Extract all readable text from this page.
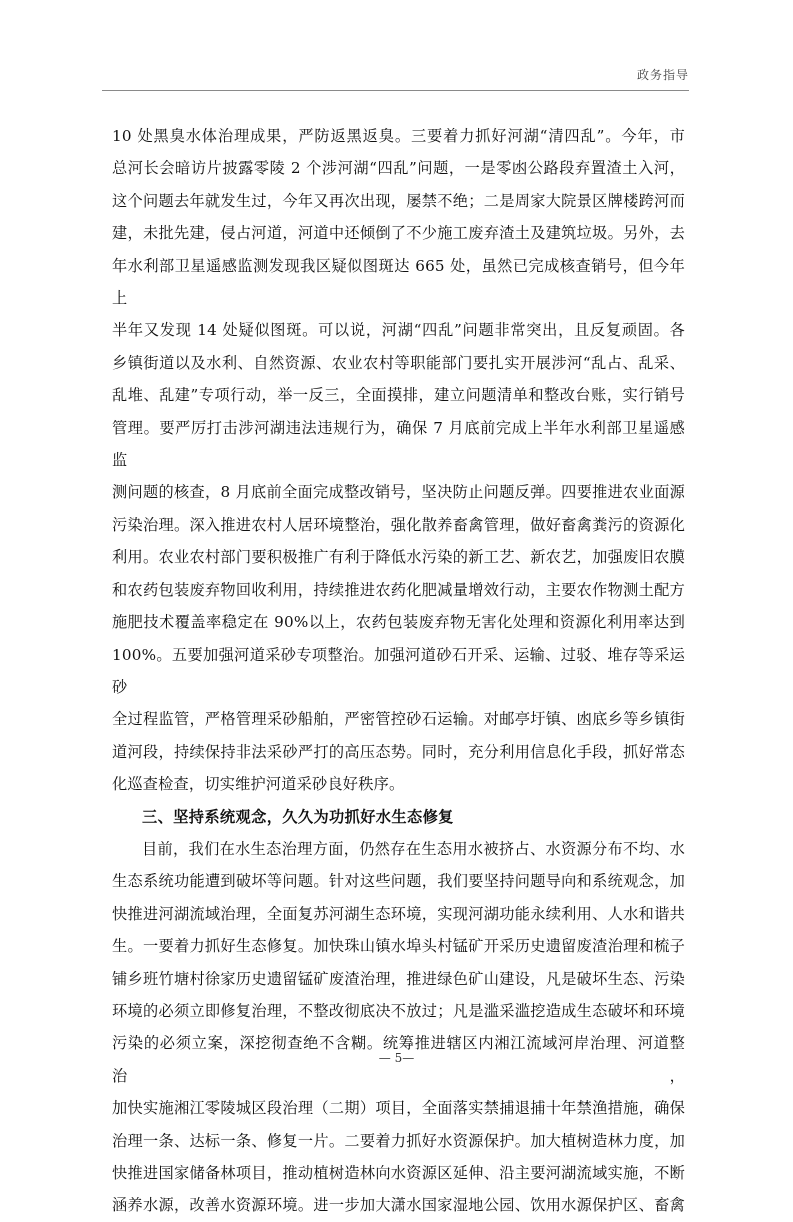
政务指导

10 处黑臭水体治理成果，严防返黑返臭。三要着力抓好河湖“清四乱”。今年，市

总河长会暗访片披露零陵 2 个涉河湖“四乱”问题，一是零凼公路段弃置渣土入河，

这个问题去年就发生过，今年又再次出现，屡禁不绝；二是周家大院景区牌楼跨河而

建，未批先建，侵占河道，河道中还倾倒了不少施工废弃渣土及建筑垃圾。另外，去

年水利部卫星遥感监测发现我区疑似图斑达 665 处，虽然已完成核查销号，但今年上

半年又发现 14 处疑似图斑。可以说，河湖“四乱”问题非常突出，且反复顽固。各

乡镇街道以及水利、自然资源、农业农村等职能部门要扎实开展涉河“乱占、乱采、

乱堆、乱建”专项行动，举一反三，全面摸排，建立问题清单和整改台账，实行销号

管理。要严厉打击涉河湖违法违规行为，确保 7 月底前完成上半年水利部卫星遥感监

测问题的核查，8 月底前全面完成整改销号，坚决防止问题反弹。四要推进农业面源

污染治理。深入推进农村人居环境整治，强化散养畜禽管理，做好畜禽粪污的资源化

利用。农业农村部门要积极推广有利于降低水污染的新工艺、新农艺，加强废旧农膜

和农药包装废弃物回收利用，持续推进农药化肥减量增效行动，主要农作物测土配方

施肥技术覆盖率稳定在 90%以上，农药包装废弃物无害化处理和资源化利用率达到

100%。五要加强河道采砂专项整治。加强河道砂石开采、运输、过驳、堆存等采运砂

全过程监管，严格管理采砂船舶，严密管控砂石运输。对邮亭圩镇、凼底乡等乡镇街

道河段，持续保持非法采砂严打的高压态势。同时，充分利用信息化手段，抓好常态

化巡查检查，切实维护河道采砂良好秩序。

三、坚持系统观念，久久为功抓好水生态修复

目前，我们在水生态治理方面，仍然存在生态用水被挤占、水资源分布不均、水

生态系统功能遭到破坏等问题。针对这些问题，我们要坚持问题导向和系统观念，加

快推进河湖流域治理，全面复苏河湖生态环境，实现河湖功能永续利用、人水和谐共

生。一要着力抓好生态修复。加快珠山镇水埠头村锰矿开采历史遗留废渣治理和梳子

铺乡班竹塘村徐家历史遗留锰矿废渣治理，推进绿色矿山建设，凡是破坏生态、污染

环境的必须立即修复治理，不整改彻底决不放过；凡是滥采滥挖造成生态破坏和环境

污染的必须立案，深挖彻查绝不含糊。统筹推进辖区内湘江流域河岸治理、河道整治，

加快实施湘江零陵城区段治理（二期）项目，全面落实禁捕退捕十年禁渔措施，确保

治理一条、达标一条、修复一片。二要着力抓好水资源保护。加大植树造林力度，加

快推进国家储备林项目，推动植树造林向水资源区延伸、沿主要河湖流域实施，不断

涵养水源，改善水资源环境。进一步加大潇水国家湿地公园、饮用水源保护区、畜禽

— 5—
